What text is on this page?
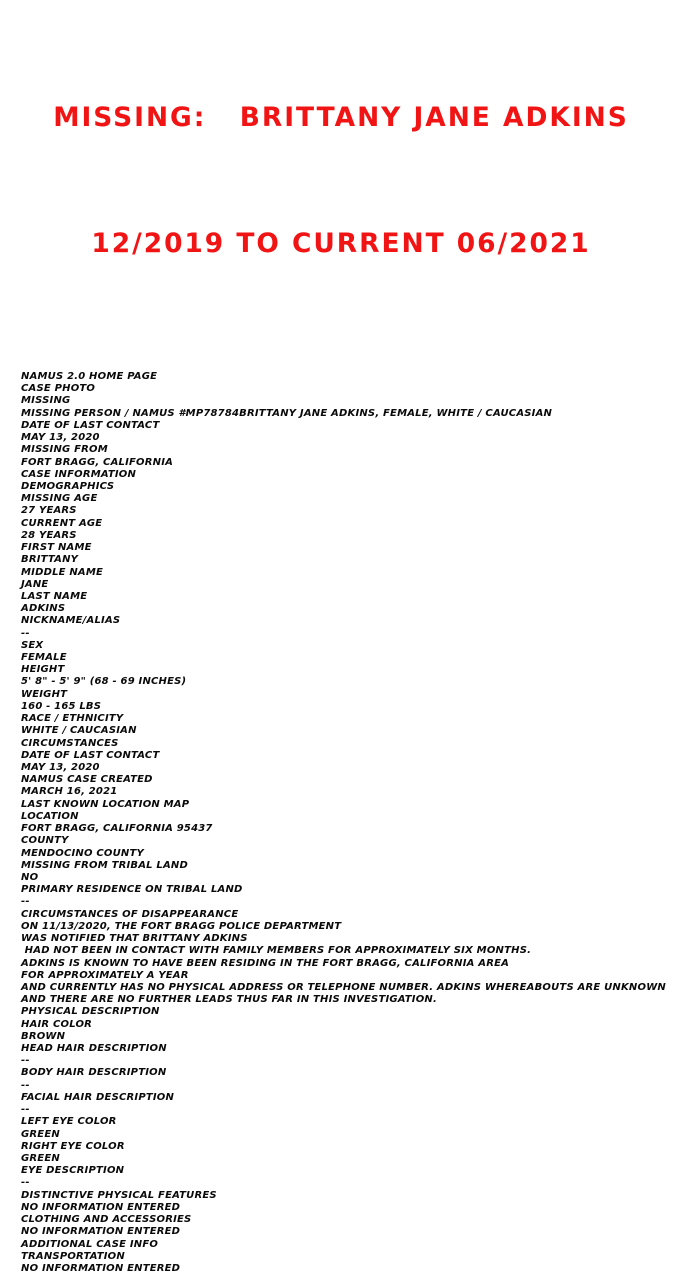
MISSING:   BRITTANY JANE ADKINS

12/2019 TO CURRENT 06/2021

NAMUS 2.0 HOME PAGE
CASE PHOTO
MISSING
MISSING PERSON / NAMUS #MP78784BRITTANY JANE ADKINS, FEMALE, WHITE / CAUCASIAN
DATE OF LAST CONTACT
MAY 13, 2020
MISSING FROM
FORT BRAGG, CALIFORNIA
CASE INFORMATION
DEMOGRAPHICS
MISSING AGE
27 YEARS
CURRENT AGE
28 YEARS
FIRST NAME
BRITTANY
MIDDLE NAME
JANE
LAST NAME
ADKINS
NICKNAME/ALIAS
--
SEX
FEMALE
HEIGHT
5' 8" - 5' 9" (68 - 69 INCHES)
WEIGHT
160 - 165 LBS
RACE / ETHNICITY
WHITE / CAUCASIAN
CIRCUMSTANCES
DATE OF LAST CONTACT
MAY 13, 2020
NAMUS CASE CREATED
MARCH 16, 2021
LAST KNOWN LOCATION MAP
LOCATION
FORT BRAGG, CALIFORNIA 95437
COUNTY
MENDOCINO COUNTY
MISSING FROM TRIBAL LAND
NO
PRIMARY RESIDENCE ON TRIBAL LAND
--
CIRCUMSTANCES OF DISAPPEARANCE
ON 11/13/2020, THE FORT BRAGG POLICE DEPARTMENT
WAS NOTIFIED THAT BRITTANY ADKINS
HAD NOT BEEN IN CONTACT WITH FAMILY MEMBERS FOR APPROXIMATELY SIX MONTHS.
ADKINS IS KNOWN TO HAVE BEEN RESIDING IN THE FORT BRAGG, CALIFORNIA AREA
FOR APPROXIMATELY A YEAR
AND CURRENTLY HAS NO PHYSICAL ADDRESS OR TELEPHONE NUMBER. ADKINS WHEREABOUTS ARE UNKNOWN
AND THERE ARE NO FURTHER LEADS THUS FAR IN THIS INVESTIGATION.
PHYSICAL DESCRIPTION
HAIR COLOR
BROWN
HEAD HAIR DESCRIPTION
--
BODY HAIR DESCRIPTION
--
FACIAL HAIR DESCRIPTION
--
LEFT EYE COLOR
GREEN
RIGHT EYE COLOR
GREEN
EYE DESCRIPTION
--
DISTINCTIVE PHYSICAL FEATURES
NO INFORMATION ENTERED
CLOTHING AND ACCESSORIES
NO INFORMATION ENTERED
ADDITIONAL CASE INFO
TRANSPORTATION
NO INFORMATION ENTERED
